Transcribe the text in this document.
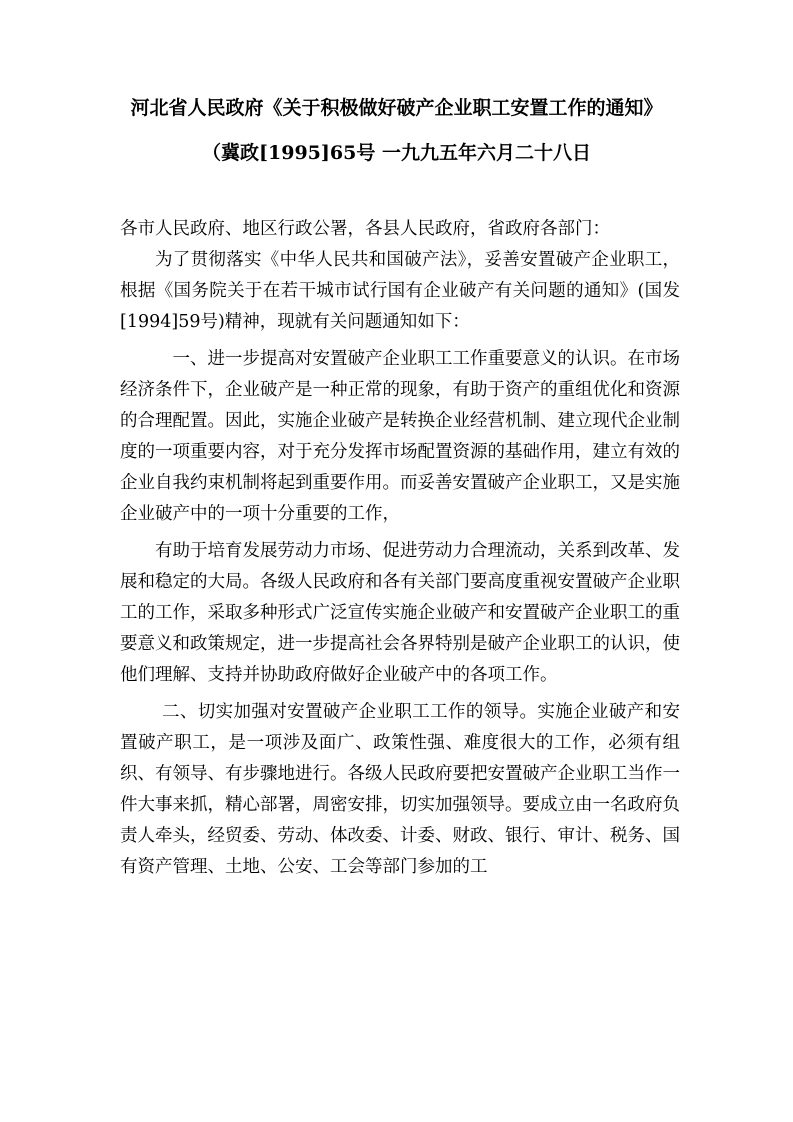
河北省人民政府《关于积极做好破产企业职工安置工作的通知》
（冀政[1995]65号 一九九五年六月二十八日

各市人民政府、地区行政公署，各县人民政府，省政府各部门：

为了贯彻落实《中华人民共和国破产法》，妥善安置破产企业职工，根据《国务院关于在若干城市试行国有企业破产有关问题的通知》(国发[1994]59号)精神，现就有关问题通知如下：

一、进一步提高对安置破产企业职工工作重要意义的认识。在市场经济条件下，企业破产是一种正常的现象，有助于资产的重组优化和资源的合理配置。因此，实施企业破产是转换企业经营机制、建立现代企业制度的一项重要内容，对于充分发挥市场配置资源的基础作用，建立有效的企业自我约束机制将起到重要作用。而妥善安置破产企业职工，又是实施企业破产中的一项十分重要的工作，

有助于培育发展劳动力市场、促进劳动力合理流动，关系到改革、发展和稳定的大局。各级人民政府和各有关部门要高度重视安置破产企业职工的工作，采取多种形式广泛宣传实施企业破产和安置破产企业职工的重要意义和政策规定，进一步提高社会各界特别是破产企业职工的认识，使他们理解、支持并协助政府做好企业破产中的各项工作。

二、切实加强对安置破产企业职工工作的领导。实施企业破产和安置破产职工，是一项涉及面广、政策性强、难度很大的工作，必须有组织、有领导、有步骤地进行。各级人民政府要把安置破产企业职工当作一件大事来抓，精心部署，周密安排，切实加强领导。要成立由一名政府负责人牵头，经贸委、劳动、体改委、计委、财政、银行、审计、税务、国有资产管理、土地、公安、工会等部门参加的工
